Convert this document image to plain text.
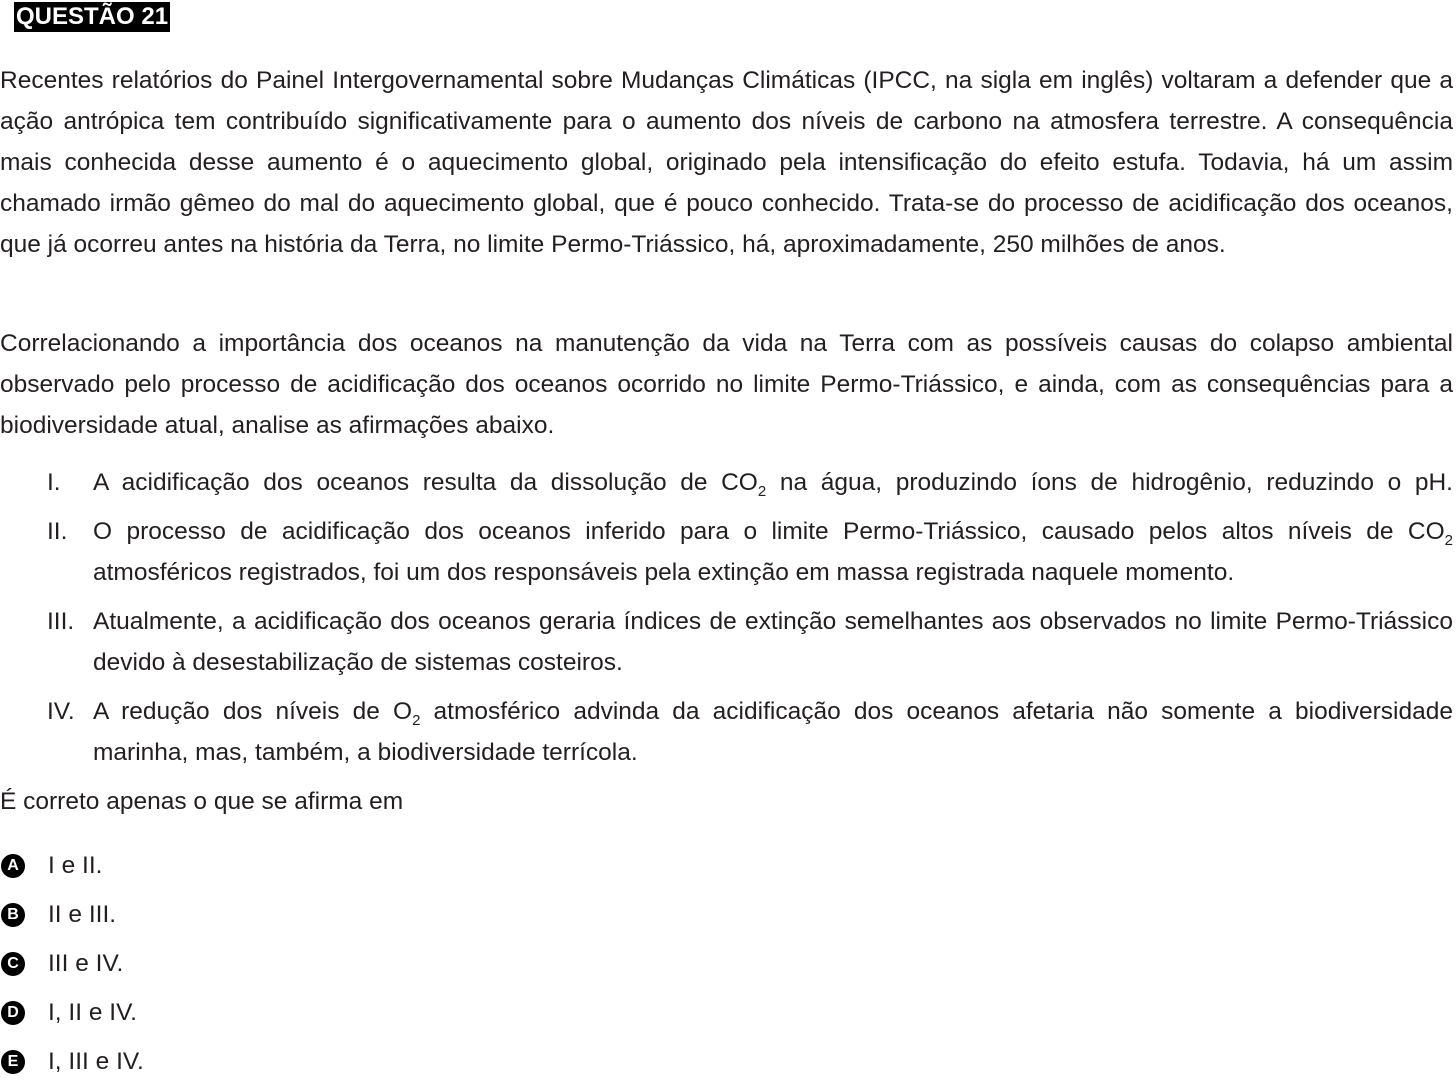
QUESTÃO 21

Recentes relatórios do Painel Intergovernamental sobre Mudanças Climáticas (IPCC, na sigla em inglês) voltaram a defender que a ação antrópica tem contribuído significativamente para o aumento dos níveis de carbono na atmosfera terrestre. A consequência mais conhecida desse aumento é o aquecimento global, originado pela intensificação do efeito estufa. Todavia, há um assim chamado irmão gêmeo do mal do aquecimento global, que é pouco conhecido. Trata-se do processo de acidificação dos oceanos, que já ocorreu antes na história da Terra, no limite Permo-Triássico, há, aproximadamente, 250 milhões de anos.

Correlacionando a importância dos oceanos na manutenção da vida na Terra com as possíveis causas do colapso ambiental observado pelo processo de acidificação dos oceanos ocorrido no limite Permo-Triássico, e ainda, com as consequências para a biodiversidade atual, analise as afirmações abaixo.

I. A acidificação dos oceanos resulta da dissolução de $CO_2$ na água, produzindo íons de hidrogênio, reduzindo o pH.
II. O processo de acidificação dos oceanos inferido para o limite Permo-Triássico, causado pelos altos níveis de $CO_2$ atmosféricos registrados, foi um dos responsáveis pela extinção em massa registrada naquele momento.
III. Atualmente, a acidificação dos oceanos geraria índices de extinção semelhantes aos observados no limite Permo-Triássico devido à desestabilização de sistemas costeiros.
IV. A redução dos níveis de $O_2$ atmosférico advinda da acidificação dos oceanos afetaria não somente a biodiversidade marinha, mas, também, a biodiversidade terrícola.
É correto apenas o que se afirma em
A I e II.
B II e III.
C III e IV.
D I, II e IV.
E I, III e IV.
